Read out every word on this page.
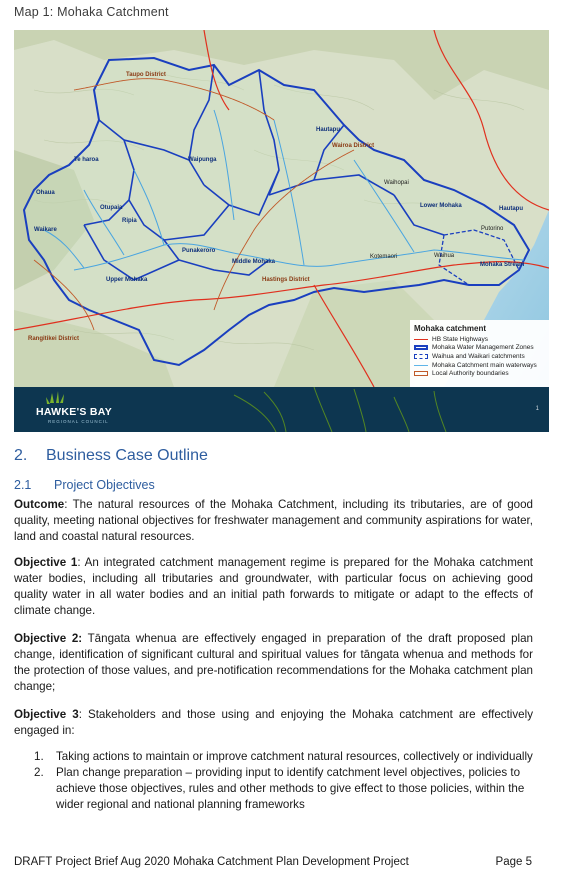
Map 1: Mohaka Catchment
Taupo District
Hautapu
Wairoa District
Te haroa	Waipunga
Waihopai
Ohaua
Otupaia
Ripia
Lower Mohaka	Hautapu
Waikare
Punakeroro
Middle Mohaka	Mohaka Stream
Upper Mohaka	Hastings District
Rangitikei District
Waihua
Kotemaori
Putorino
Mohaka catchment
HB State Highways
Mohaka Water Management Zones
Waihua and Waikari catchments
Mohaka Catchment main waterways
Local Authority boundaries
HAWKE'S BAY
REGIONAL COUNCIL
1
2. Business Case Outline
2.1 Project Objectives

Outcome: The natural resources of the Mohaka Catchment, including its tributaries, are of good quality, meeting national objectives for freshwater management and community aspirations for water, land and coastal natural resources.

Objective 1: An integrated catchment management regime is prepared for the Mohaka catchment water bodies, including all tributaries and groundwater, with particular focus on achieving good quality water in all water bodies and an initial path forwards to mitigate or adapt to the effects of climate change.

Objective 2: Tāngata whenua are effectively engaged in preparation of the draft proposed plan change, identification of significant cultural and spiritual values for tāngata whenua and methods for the protection of those values, and pre-notification recommendations for the Mohaka catchment plan change;

Objective 3: Stakeholders and those using and enjoying the Mohaka catchment are effectively engaged in:

1. Taking actions to maintain or improve catchment natural resources, collectively or individually
2. Plan change preparation – providing input to identify catchment level objectives, policies to achieve those objectives, rules and other methods to give effect to those policies, within the wider regional and national planning frameworks
DRAFT Project Brief Aug 2020 Mohaka Catchment Plan Development Project	Page 5
